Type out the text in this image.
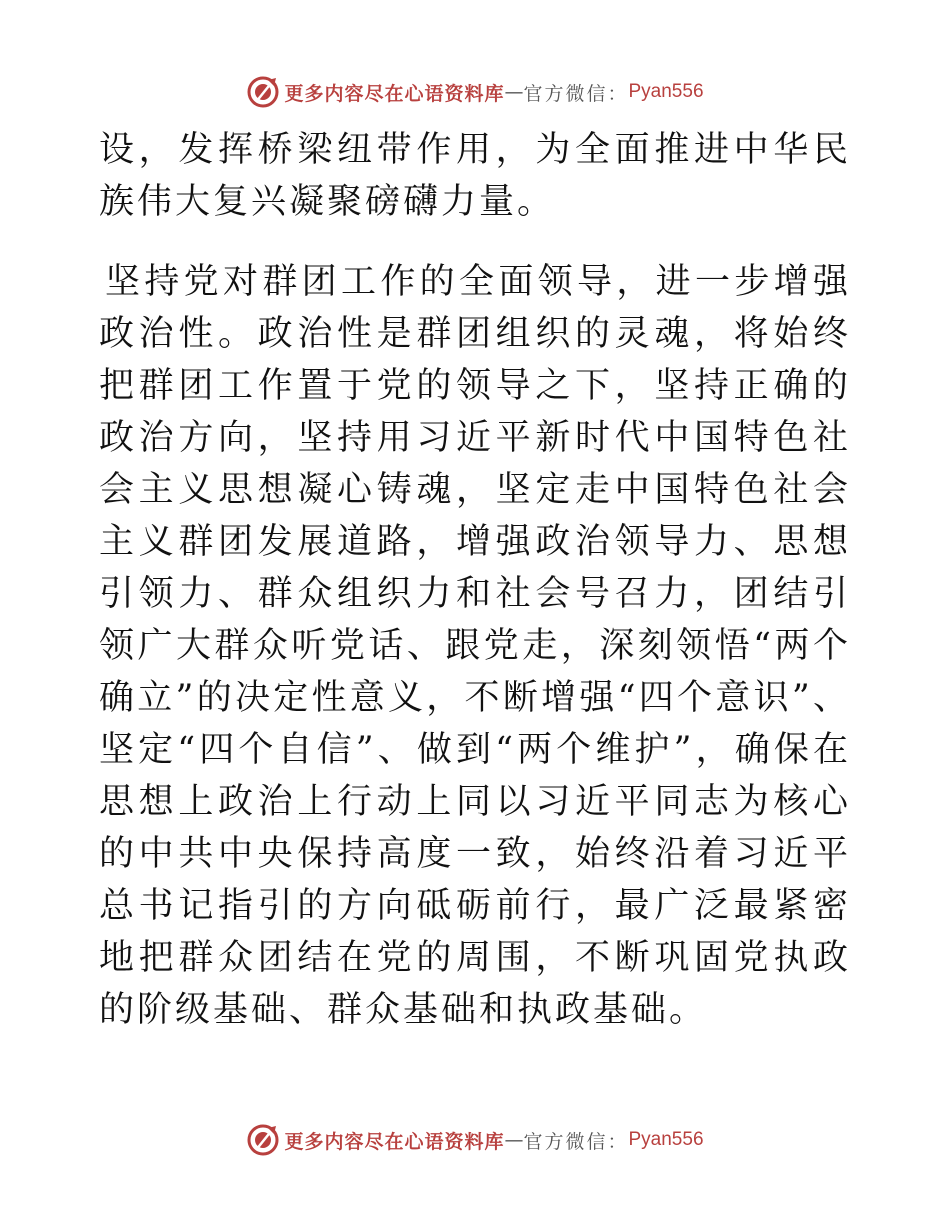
更多内容尽在心语资料库 — 官方微信： Pyan556

设，发挥桥梁纽带作用，为全面推进中华民族伟大复兴凝聚磅礴力量。

坚持党对群团工作的全面领导，进一步增强政治性。政治性是群团组织的灵魂，将始终把群团工作置于党的领导之下，坚持正确的政治方向，坚持用习近平新时代中国特色社会主义思想凝心铸魂，坚定走中国特色社会主义群团发展道路，增强政治领导力、思想引领力、群众组织力和社会号召力，团结引领广大群众听党话、跟党走，深刻领悟“两个确立”的决定性意义，不断增强“四个意识”、坚定“四个自信”、做到“两个维护”，确保在思想上政治上行动上同以习近平同志为核心的中共中央保持高度一致，始终沿着习近平总书记指引的方向砥砺前行，最广泛最紧密地把群众团结在党的周围，不断巩固党执政的阶级基础、群众基础和执政基础。

更多内容尽在心语资料库 — 官方微信： Pyan556
